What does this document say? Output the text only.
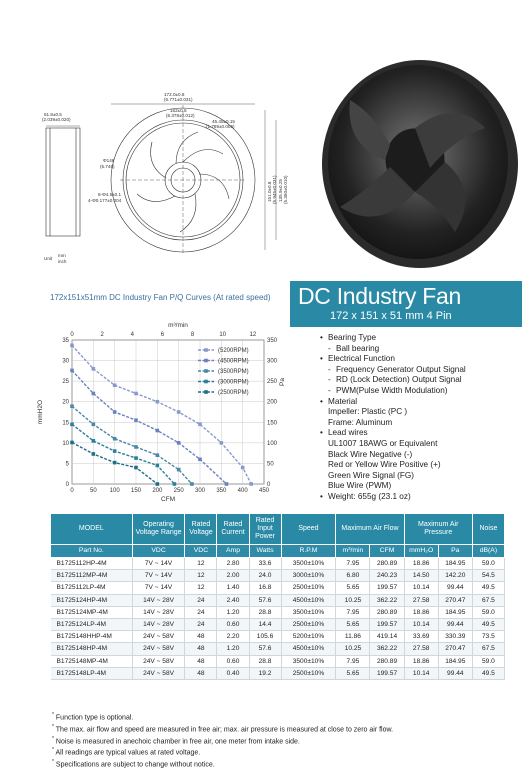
172.0±0.8
(6.771±0.031)
162±0.5
(6.378±0.012)
45.45±0.15
(1.789±0.006)
51.8±0.5
(2.039±0.020)
Φ146
(5.748)
8-Φ4.5±0.1
4-Φ0.177±0.004	151.0±0.8 (5.945±0.031) 135.9±0.25 (5.350±0.010)
Unit
mm
inch
172x151x51mm DC Industry Fan P/Q Curves (At rated speed)
0	50 100 150 200 250 300 350 400 450
0
5
10
15
20
25
30
35
0
50
100
150
200
250
300
350
0	2	4	6	8	10	12
CFM
m³/min
mmH2O
Pa
(5200RPM)
(4500RPM)
(3500RPM)
(3000RPM)
(2500RPM)
DC Industry Fan
172 x 151 x 51 mm 4 Pin
• Bearing Type
- Ball bearing
• Electrical Function
- Frequency Generator Output Signal
- RD (Lock Detection) Output Signal
- PWM(Pulse Width Modulation)
• Material
Impeller: Plastic (PC )
Frame: Aluminum
• Lead wires
UL1007 18AWG or Equivalent
Black Wire Negative (-)
Red or Yellow Wire Positive (+)
Green Wire Signal (FG)
Blue Wire (PWM)
• Weight: 655g (23.1 oz)
MODEL	Operating Voltage Range	Rated Voltage	Rated Current	Rated Input Power	Speed	Maximum Air Flow		Maximum Air Pressure		Noise
Part No.	VDC	VDC	Amp	Watts	R.P.M	m³/min	CFM	mmH₂O	Pa	dB(A)
B1725112HP-4M	7V ~ 14V	12	2.80	33.6	3500±10%	7.95	280.89	18.86	184.95	59.0
B1725112MP-4M	7V ~ 14V	12	2.00	24.0	3000±10%	6.80	240.23	14.50	142.20	54.5
B1725112LP-4M	7V ~ 14V	12	1.40	16.8	2500±10%	5.65	199.57	10.14	99.44	49.5
B1725124HP-4M	14V ~ 28V	24	2.40	57.6	4500±10%	10.25	362.22	27.58	270.47	67.5
B1725124MP-4M	14V ~ 28V	24	1.20	28.8	3500±10%	7.95	280.89	18.86	184.95	59.0
B1725124LP-4M	14V ~ 28V	24	0.60	14.4	2500±10%	5.65	199.57	10.14	99.44	49.5
B1725148HHP-4M	24V ~ 58V	48	2.20	105.6	5200±10%	11.86	419.14	33.69	330.39	73.5
B1725148HP-4M	24V ~ 58V	48	1.20	57.6	4500±10%	10.25	362.22	27.58	270.47	67.5
B1725148MP-4M	24V ~ 58V	48	0.60	28.8	3500±10%	7.95	280.89	18.86	184.95	59.0
B1725148LP-4M	24V ~ 58V	48	0.40	19.2	2500±10%	5.65	199.57	10.14	99.44	49.5
* Function type is optional.
* The max. air flow and speed are measured in free air; max. air pressure is measured at close to zero air flow.
* Noise is measured in anechoic chamber in free air, one meter from intake side.
* All readings are typical values at rated voltage.
* Specifications are subject to change without notice.
